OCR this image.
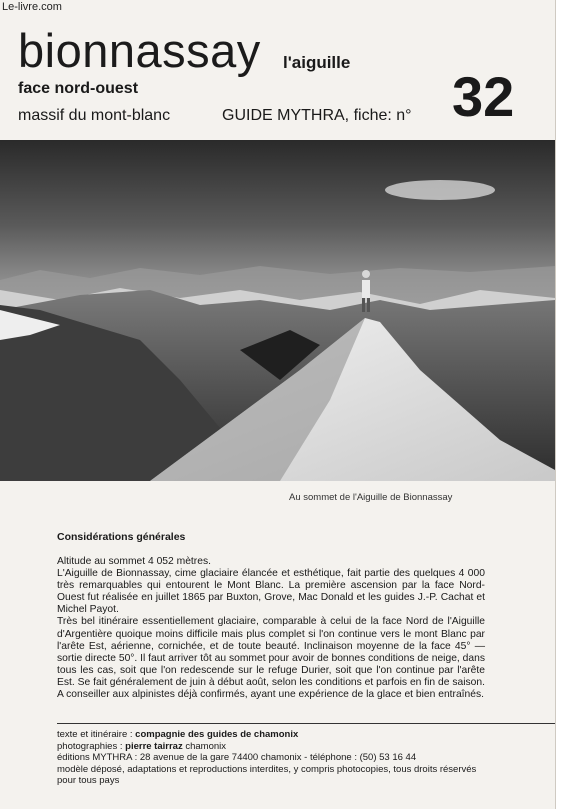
Le-livre.com
bionnassay l'aiguille
face nord-ouest
massif du mont-blanc	GUIDE MYTHRA, fiche: n° 32
Au sommet de l'Aiguille de Bionnassay
Considérations générales

Altitude au sommet 4 052 mètres.

L'Aiguille de Bionnassay, cime glaciaire élancée et esthétique, fait partie des quelques 4 000 très remarquables qui entourent le Mont Blanc. La première ascension par la face Nord-Ouest fut réalisée en juillet 1865 par Buxton, Grove, Mac Donald et les guides J.-P. Cachat et Michel Payot.

Très bel itinéraire essentiellement glaciaire, comparable à celui de la face Nord de l'Aiguille d'Argentière quoique moins difficile mais plus complet si l'on continue vers le mont Blanc par l'arête Est, aérienne, cornichée, et de toute beauté. Inclinaison moyenne de la face 45° — sortie directe 50°. Il faut arriver tôt au sommet pour avoir de bonnes conditions de neige, dans tous les cas, soit que l'on redescende sur le refuge Durier, soit que l'on continue par l'arête Est. Se fait généralement de juin à début août, selon les conditions et parfois en fin de saison. A conseiller aux alpinistes déjà confirmés, ayant une expérience de la glace et bien entraînés.

texte et itinéraire : compagnie des guides de chamonix
photographies : pierre tairraz chamonix
éditions MYTHRA : 28 avenue de la gare 74400 chamonix - téléphone : (50) 53 16 44
modèle déposé, adaptations et reproductions interdites, y compris photocopies, tous droits réservés pour tous pays
